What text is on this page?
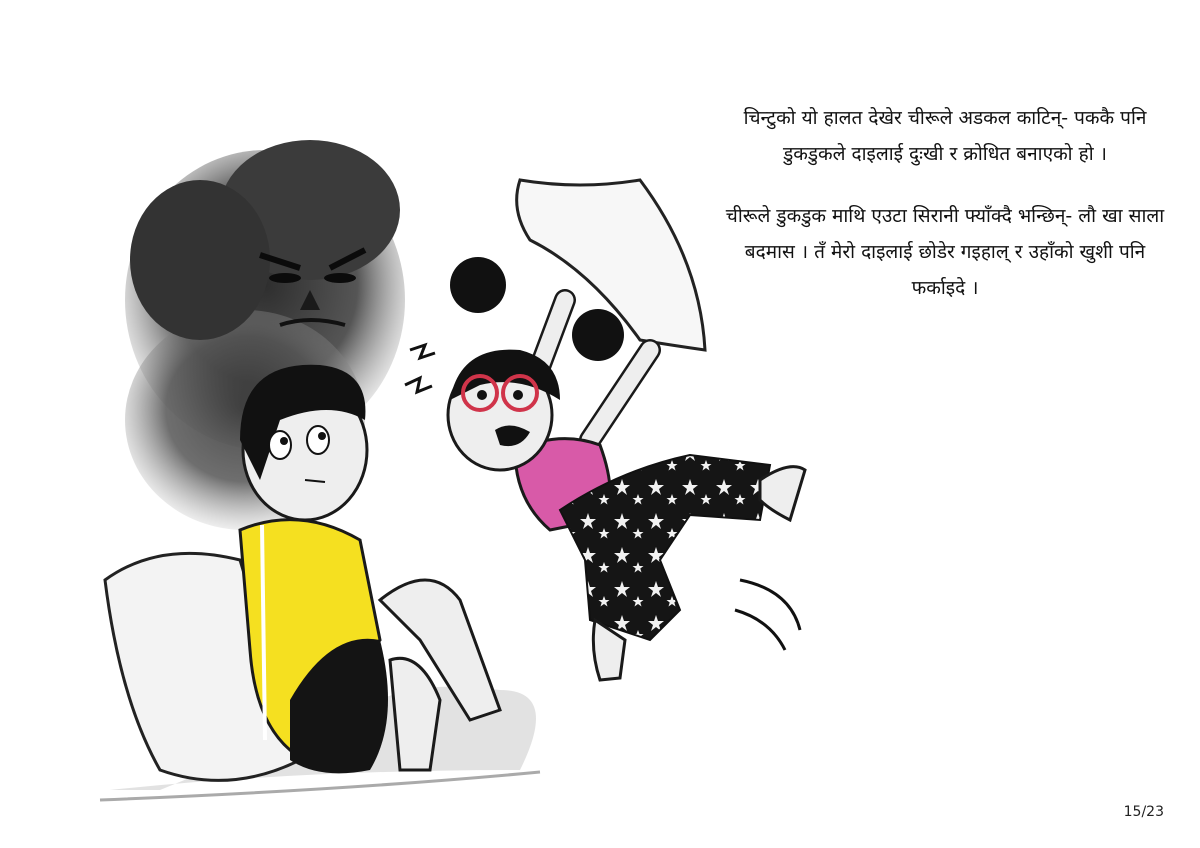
चिन्टुको यो हालत देखेर चीरूले अडकल काटिन्- पककै पनि डुकडुकले दाइलाई दुःखी र क्रोधित बनाएको हो ।

चीरूले डुकडुक माथि एउटा सिरानी फ्याँक्दै भन्छिन्- लौ खा साला बदमास । तँ मेरो दाइलाई छोडेर गइहाल् र उहाँको खुशी पनि फर्काइदे ।

15/23
